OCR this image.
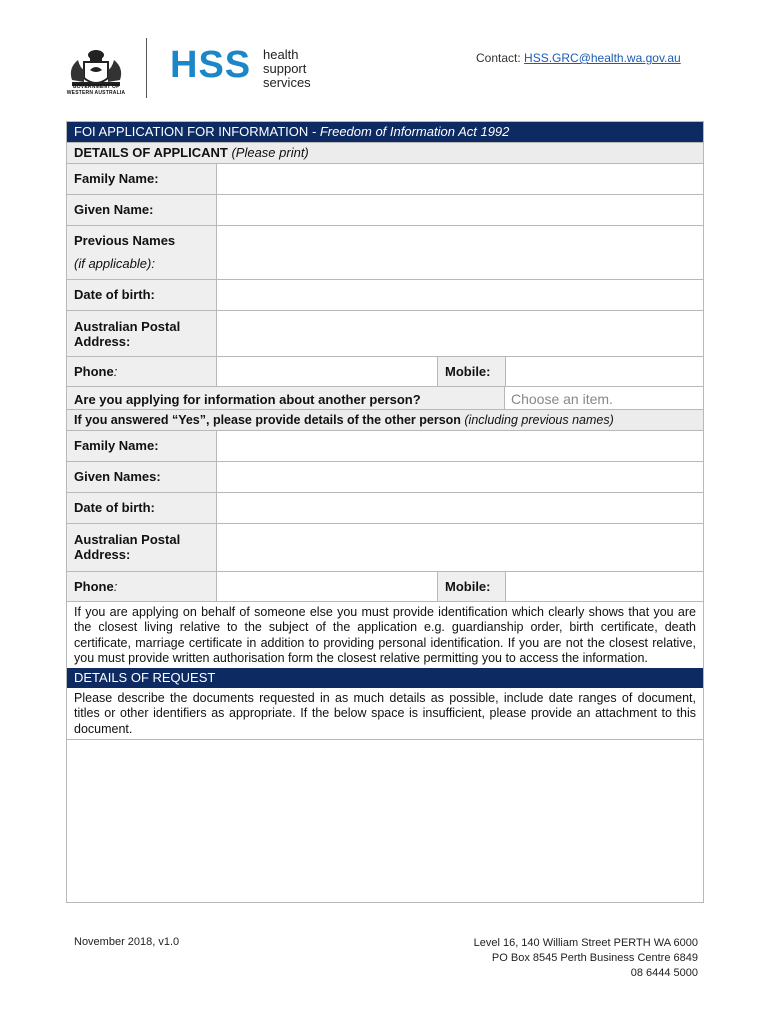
GOVERNMENT OF WESTERN AUSTRALIA
HSS health
support
services
Contact: HSS.GRC@health.wa.gov.au
FOI APPLICATION FOR INFORMATION - Freedom of Information Act 1992
DETAILS OF APPLICANT (Please print)
Family Name:
Given Name:
Previous Names
(if applicable):
Date of birth:
Australian Postal
Address:
Phone:	Mobile:
Are you applying for information about another person?	Choose an item.
If you answered “Yes”, please provide details of the other person (including previous names)
Family Name:
Given Names:
Date of birth:
Australian Postal
Address:
Phone:	Mobile:
If you are applying on behalf of someone else you must provide identification which clearly shows that you are the closest living relative to the subject of the application e.g. guardianship order, birth certificate, death certificate, marriage certificate in addition to providing personal identification. If you are not the closest relative, you must provide written authorisation form the closest relative permitting you to access the information.
DETAILS OF REQUEST
Please describe the documents requested in as much details as possible, include date ranges of document, titles or other identifiers as appropriate. If the below space is insufficient, please provide an attachment to this document.
November 2018, v1.0	Level 16, 140 William Street PERTH WA 6000
PO Box 8545 Perth Business Centre 6849
08 6444 5000
